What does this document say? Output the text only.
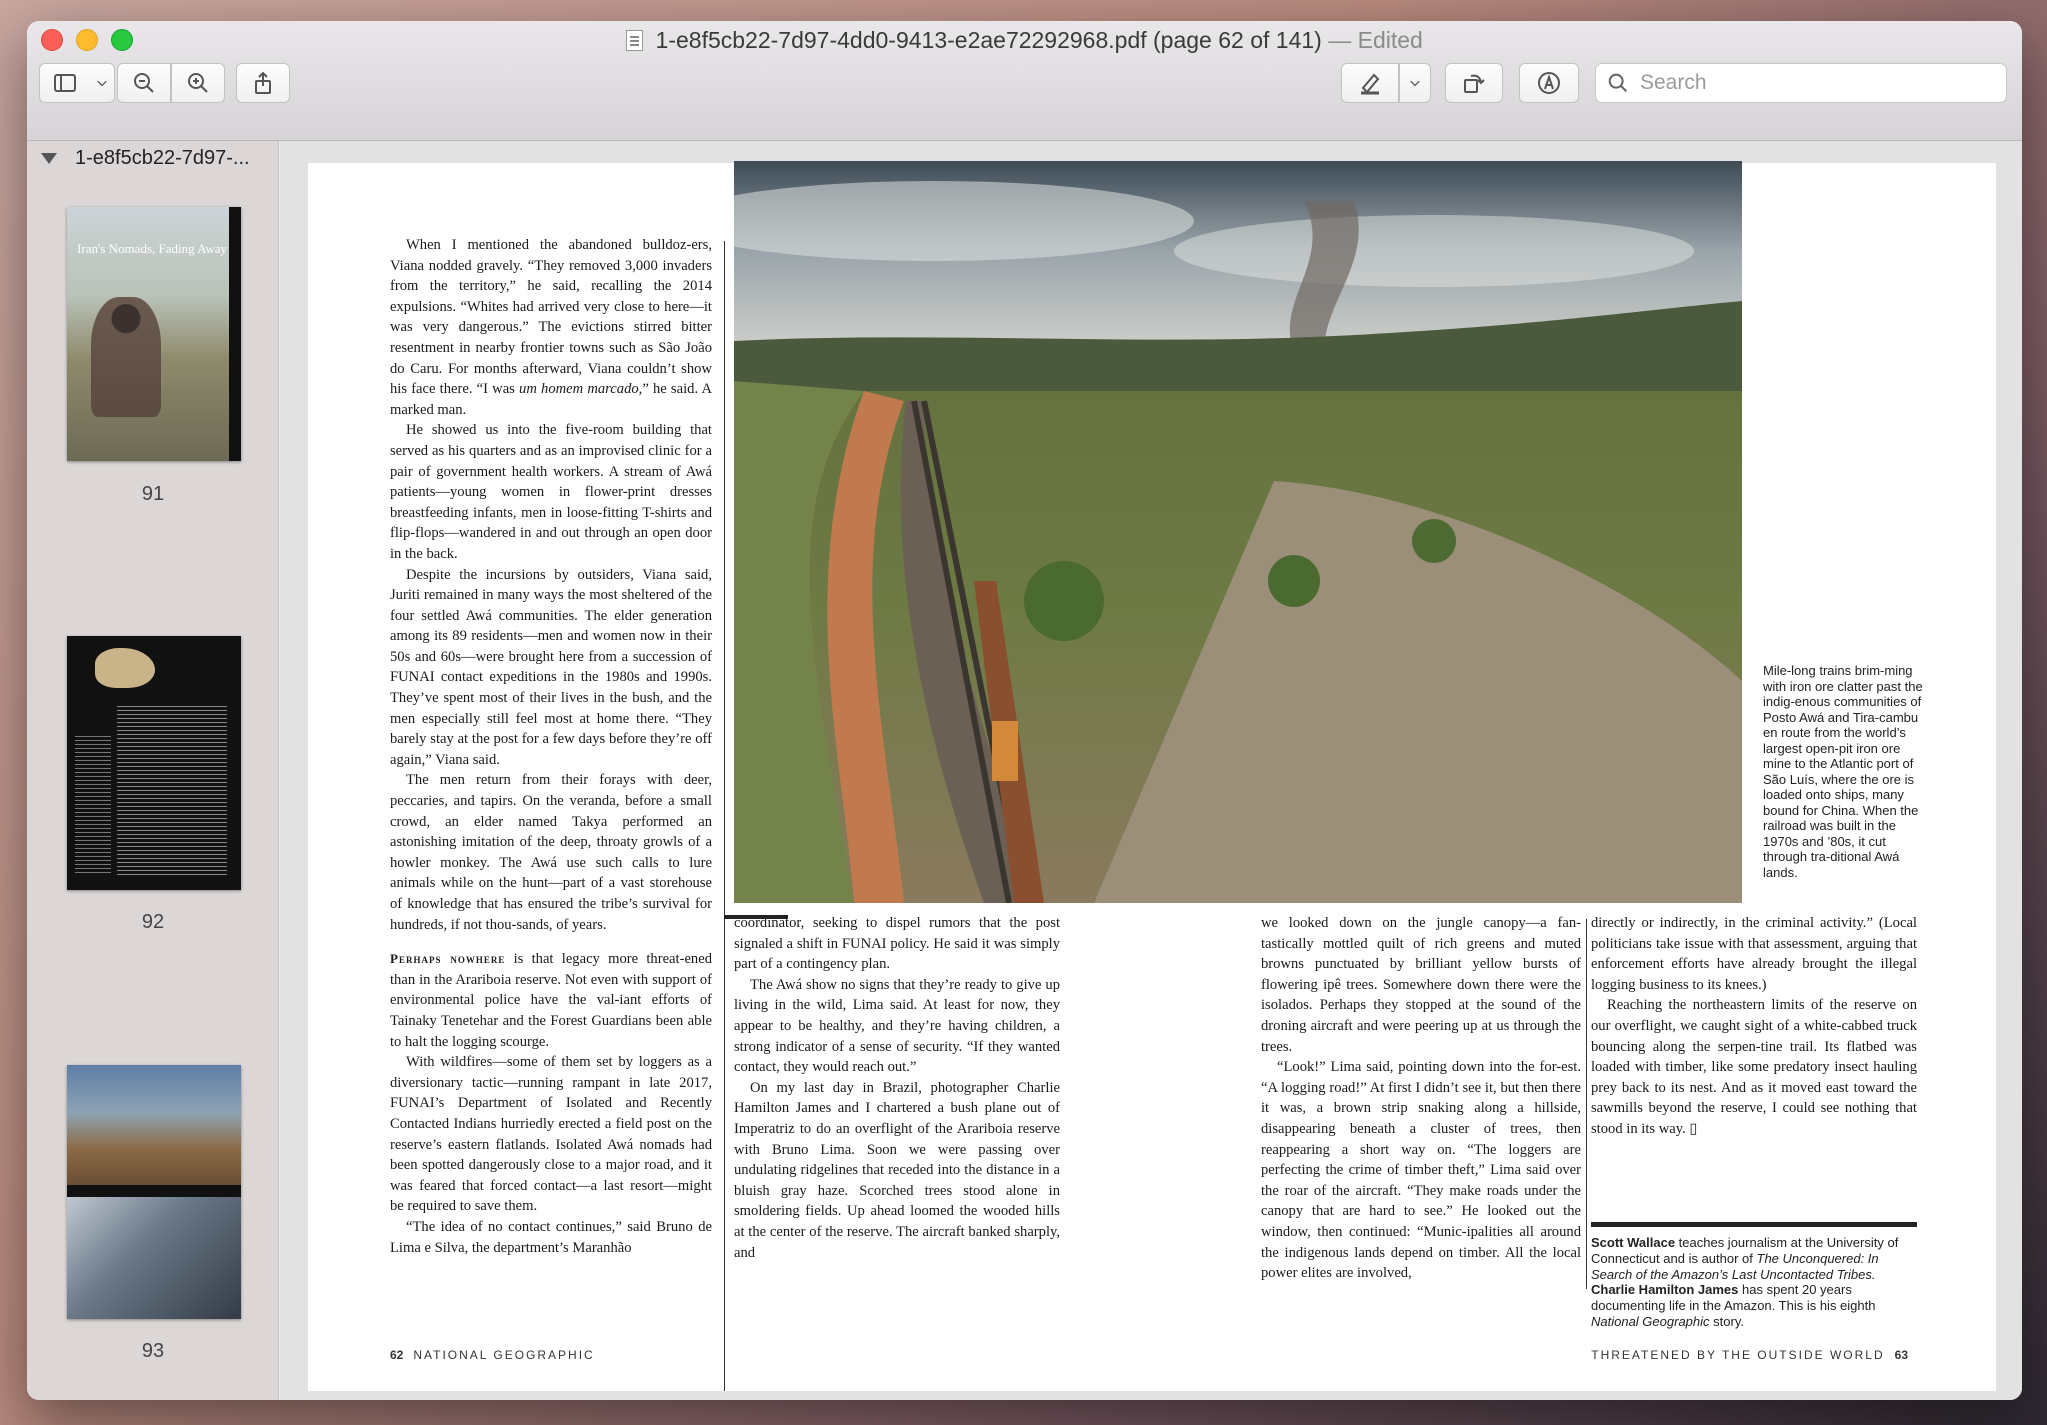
1-e8f5cb22-7d97-4dd0-9413-e2ae72292968.pdf (page 62 of 141) — Edited
Search
1-e8f5cb22-7d97-...
Iran's Nomads, Fading Away
91
92
93

When I mentioned the abandoned bulldoz-ers, Viana nodded gravely. “They removed 3,000 invaders from the territory,” he said, recalling the 2014 expulsions. “Whites had arrived very close to here—it was very dangerous.” The evictions stirred bitter resentment in nearby frontier towns such as São João do Caru. For months afterward, Viana couldn’t show his face there. “I was um homem marcado,” he said. A marked man.

He showed us into the five-room building that served as his quarters and as an improvised clinic for a pair of government health workers. A stream of Awá patients—young women in flower-print dresses breastfeeding infants, men in loose-fitting T-shirts and flip-flops—wandered in and out through an open door in the back.

Despite the incursions by outsiders, Viana said, Juriti remained in many ways the most sheltered of the four settled Awá communities. The elder generation among its 89 residents—men and women now in their 50s and 60s—were brought here from a succession of FUNAI contact expeditions in the 1980s and 1990s. They’ve spent most of their lives in the bush, and the men especially still feel most at home there. “They barely stay at the post for a few days before they’re off again,” Viana said.

The men return from their forays with deer, peccaries, and tapirs. On the veranda, before a small crowd, an elder named Takya performed an astonishing imitation of the deep, throaty growls of a howler monkey. The Awá use such calls to lure animals while on the hunt—part of a vast storehouse of knowledge that has ensured the tribe’s survival for hundreds, if not thou-sands, of years.

Perhaps nowhere is that legacy more threat-ened than in the Arariboia reserve. Not even with support of environmental police have the val-iant efforts of Tainaky Tenetehar and the Forest Guardians been able to halt the logging scourge.

With wildfires—some of them set by loggers as a diversionary tactic—running rampant in late 2017, FUNAI’s Department of Isolated and Recently Contacted Indians hurriedly erected a field post on the reserve’s eastern flatlands. Isolated Awá nomads had been spotted dangerously close to a major road, and it was feared that forced contact—a last resort—might be required to save them.

“The idea of no contact continues,” said Bruno de Lima e Silva, the department’s Maranhão

Mile-long trains brim-ming with iron ore clatter past the indig-enous communities of Posto Awá and Tira-cambu en route from the world’s largest open-pit iron ore mine to the Atlantic port of São Luís, where the ore is loaded onto ships, many bound for China. When the railroad was built in the 1970s and ’80s, it cut through tra-ditional Awá lands.

coordinator, seeking to dispel rumors that the post signaled a shift in FUNAI policy. He said it was simply part of a contingency plan.

The Awá show no signs that they’re ready to give up living in the wild, Lima said. At least for now, they appear to be healthy, and they’re having children, a strong indicator of a sense of security. “If they wanted contact, they would reach out.”

On my last day in Brazil, photographer Charlie Hamilton James and I chartered a bush plane out of Imperatriz to do an overflight of the Arariboia reserve with Bruno Lima. Soon we were passing over undulating ridgelines that receded into the distance in a bluish gray haze. Scorched trees stood alone in smoldering fields. Up ahead loomed the wooded hills at the center of the reserve. The aircraft banked sharply, and

we looked down on the jungle canopy—a fan-tastically mottled quilt of rich greens and muted browns punctuated by brilliant yellow bursts of flowering ipê trees. Somewhere down there were the isolados. Perhaps they stopped at the sound of the droning aircraft and were peering up at us through the trees.

“Look!” Lima said, pointing down into the for-est. “A logging road!” At first I didn’t see it, but then there it was, a brown strip snaking along a hillside, disappearing beneath a cluster of trees, then reappearing a short way on. “The loggers are perfecting the crime of timber theft,” Lima said over the roar of the aircraft. “They make roads under the canopy that are hard to see.” He looked out the window, then continued: “Munic-ipalities all around the indigenous lands depend on timber. All the local power elites are involved,

directly or indirectly, in the criminal activity.” (Local politicians take issue with that assessment, arguing that enforcement efforts have already brought the illegal logging business to its knees.)

Reaching the northeastern limits of the reserve on our overflight, we caught sight of a white-cabbed truck bouncing along the serpen-tine trail. Its flatbed was loaded with timber, like some predatory insect hauling prey back to its nest. And as it moved east toward the sawmills beyond the reserve, I could see nothing that stood in its way. ▯

Scott Wallace teaches journalism at the University of Connecticut and is author of The Unconquered: In Search of the Amazon’s Last Uncontacted Tribes. Charlie Hamilton James has spent 20 years documenting life in the Amazon. This is his eighth National Geographic story.
62 NATIONAL GEOGRAPHIC	THREATENED BY THE OUTSIDE WORLD 63
